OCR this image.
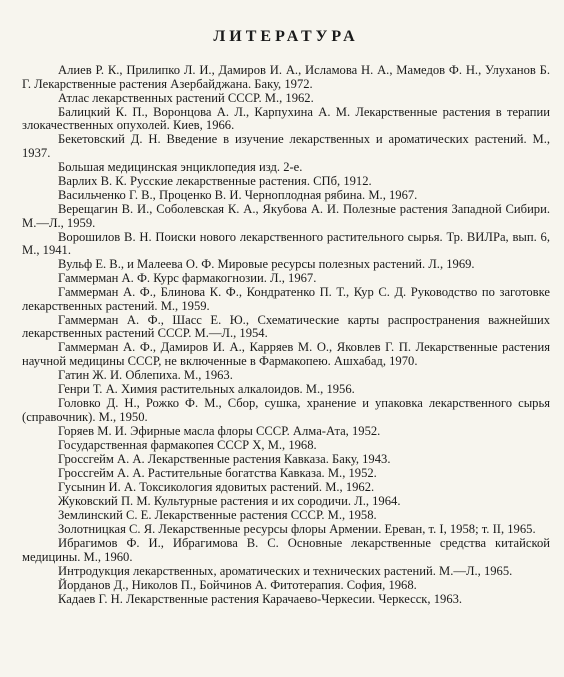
ЛИТЕРАТУРА

Алиев Р. К., Прилипко Л. И., Дамиров И. А., Исламова Н. А., Мамедов Ф. Н., Улуханов Б. Г. Лекарственные растения Азербайджана. Баку, 1972.

Атлас лекарственных растений СССР. М., 1962.

Балицкий К. П., Воронцова А. Л., Карпухина А. М. Лекарственные растения в терапии злокачественных опухолей. Киев, 1966.

Бекетовский Д. Н. Введение в изучение лекарственных и ароматических растений. М., 1937.

Большая медицинская энциклопедия изд. 2-е.

Варлих В. К. Русские лекарственные растения. СПб, 1912.

Васильченко Г. В., Проценко В. И. Черноплодная рябина. М., 1967.

Верещагин В. И., Соболевская К. А., Якубова А. И. Полезные растения Западной Сибири. М.—Л., 1959.

Ворошилов В. Н. Поиски нового лекарственного растительного сырья. Тр. ВИЛРа, вып. 6, М., 1941.

Вульф Е. В., и Малеева О. Ф. Мировые ресурсы полезных растений. Л., 1969.

Гаммерман А. Ф. Курс фармакогнозии. Л., 1967.

Гаммерман А. Ф., Блинова К. Ф., Кондратенко П. Т., Кур С. Д. Руководство по заготовке лекарственных растений. М., 1959.

Гаммерман А. Ф., Шасс Е. Ю., Схематические карты распространения важнейших лекарственных растений СССР. М.—Л., 1954.

Гаммерман А. Ф., Дамиров И. А., Карряев М. О., Яковлев Г. П. Лекарственные растения научной медицины СССР, не включенные в Фармакопею. Ашхабад, 1970.

Гатин Ж. И. Облепиха. М., 1963.

Генри Т. А. Химия растительных алкалоидов. М., 1956.

Головко Д. Н., Рожко Ф. М., Сбор, сушка, хранение и упаковка лекарственного сырья (справочник). М., 1950.

Горяев М. И. Эфирные масла флоры СССР. Алма-Ата, 1952.

Государственная фармакопея СССР X, М., 1968.

Гроссгейм А. А. Лекарственные растения Кавказа. Баку, 1943.

Гроссгейм А. А. Растительные богатства Кавказа. М., 1952.

Гусынин И. А. Токсикология ядовитых растений. М., 1962.

Жуковский П. М. Культурные растения и их сородичи. Л., 1964.

Землинский С. Е. Лекарственные растения СССР. М., 1958.

Золотницкая С. Я. Лекарственные ресурсы флоры Армении. Ереван, т. I, 1958; т. II, 1965.

Ибрагимов Ф. И., Ибрагимова В. С. Основные лекарственные средства китайской медицины. М., 1960.

Интродукция лекарственных, ароматических и технических растений. М.—Л., 1965.

Йорданов Д., Николов П., Бойчинов А. Фитотерапия. София, 1968.

Кадаев Г. Н. Лекарственные растения Карачаево-Черкесии. Черкесск, 1963.
